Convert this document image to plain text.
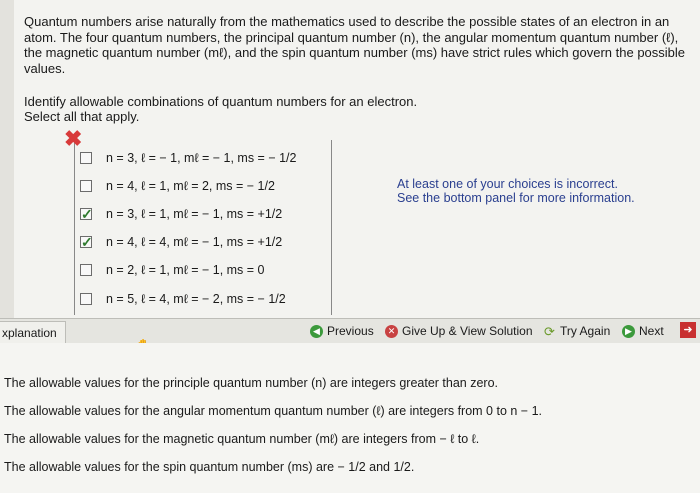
Quantum numbers arise naturally from the mathematics used to describe the possible states of an electron in an atom. The four quantum numbers, the principal quantum number (n), the angular momentum quantum number (ℓ), the magnetic quantum number (mℓ), and the spin quantum number (ms) have strict rules which govern the possible values.

Identify allowable combinations of quantum numbers for an electron.
Select all that apply.
✖
n = 3, ℓ = − 1, mℓ = − 1, ms = − 1/2
n = 4, ℓ = 1, mℓ = 2, ms = − 1/2
✓
n = 3, ℓ = 1, mℓ = − 1, ms = +1/2
✓
n = 4, ℓ = 4, mℓ = − 1, ms = +1/2
n = 2, ℓ = 1, mℓ = − 1, ms = 0
n = 5, ℓ = 4, mℓ = − 2, ms = − 1/2
At least one of your choices is incorrect.
See the bottom panel for more information.
xplanation	◀ Previous	✕ Give Up & View Solution ⟳ Try Again	▶ Next	➜

The allowable values for the principle quantum number (n) are integers greater than zero.

The allowable values for the angular momentum quantum number (ℓ) are integers from 0 to n − 1.

The allowable values for the magnetic quantum number (mℓ) are integers from − ℓ to ℓ.

The allowable values for the spin quantum number (ms) are − 1/2 and 1/2.
